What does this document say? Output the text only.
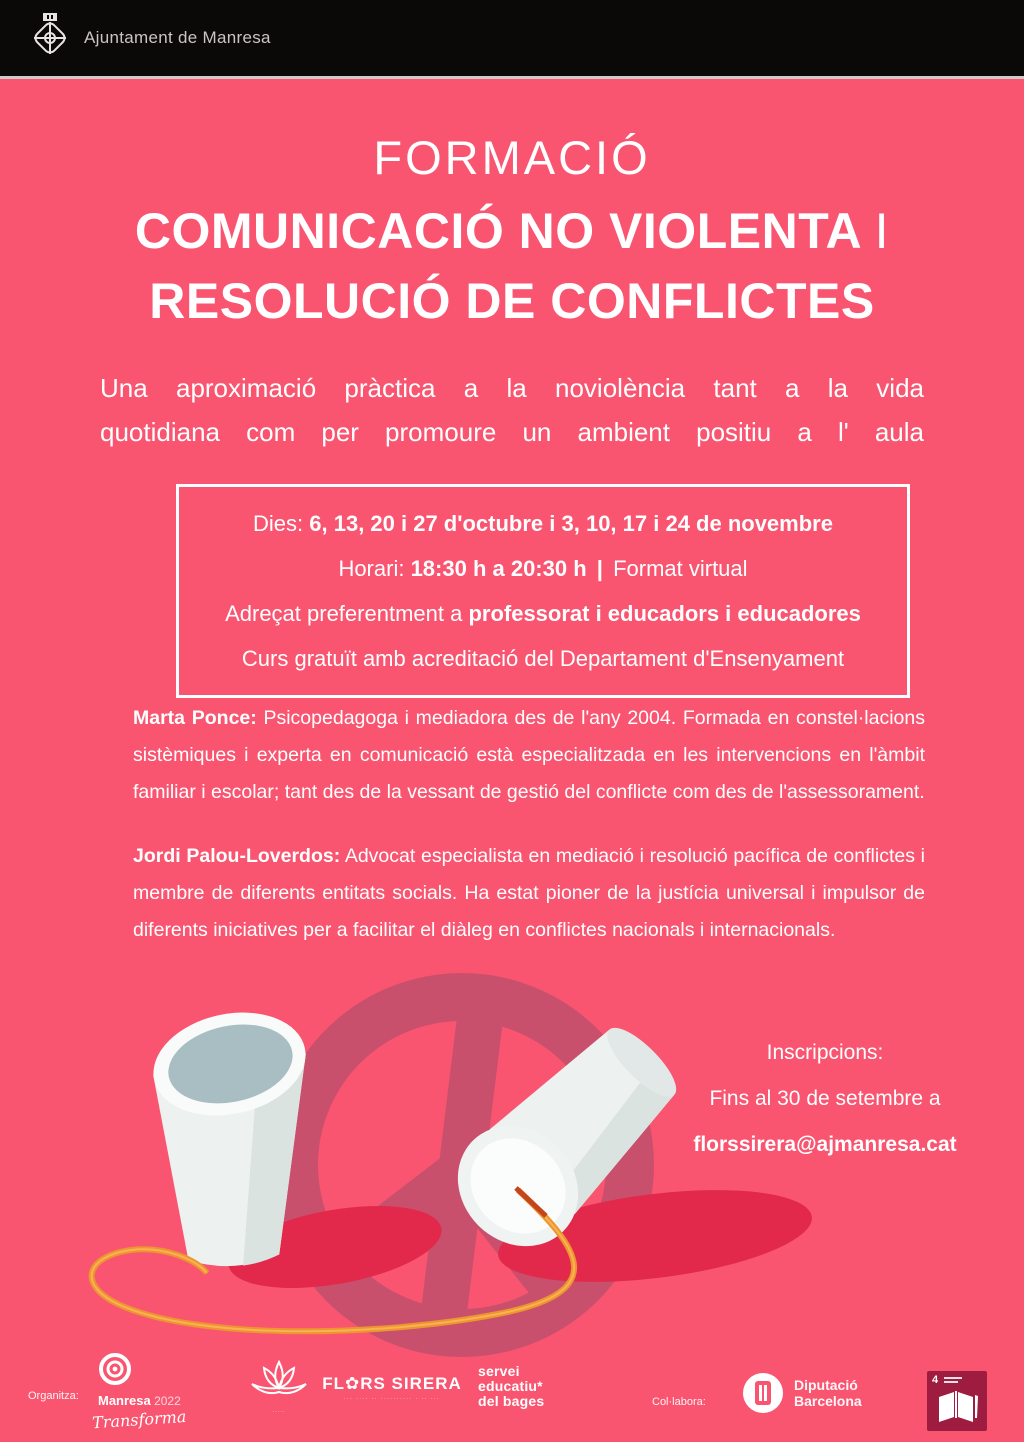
Ajuntament de Manresa
FORMACIÓ
COMUNICACIÓ NO VIOLENTA I
RESOLUCIÓ DE CONFLICTES
Una aproximació pràctica a la noviolència tant a la vida
quotidiana com per promoure un ambient positiu a l' aula
Dies: 6, 13, 20 i 27 d'octubre i 3, 10, 17 i 24 de novembre
Horari: 18:30 h a 20:30 h | Format virtual
Adreçat preferentment a professorat i educadors i educadores
Curs gratuït amb acreditació del Departament d'Ensenyament
Marta Ponce: Psicopedagoga i mediadora des de l'any 2004. Formada en constel·lacions sistèmiques i experta en comunicació està especialitzada en les intervencions en l'àmbit familiar i escolar; tant des de la vessant de gestió del conflicte com des de l'assessorament.
Jordi Palou-Loverdos: Advocat especialista en mediació i resolució pacífica de conflictes i membre de diferents entitats socials. Ha estat pioner de la justícia universal i impulsor de diferents iniciatives per a facilitar el diàleg en conflictes nacionals i internacionals.
Inscripcions:
Fins al 30 de setembre a
florssirera@ajmanresa.cat
Organitza: Manresa 2022
Transforma	·····
FL✿RS SIRERA
··· ···· ·· ·········· · ·· ···
servei
educatiu*
del bages	Col·labora:
Diputació
Barcelona
4
